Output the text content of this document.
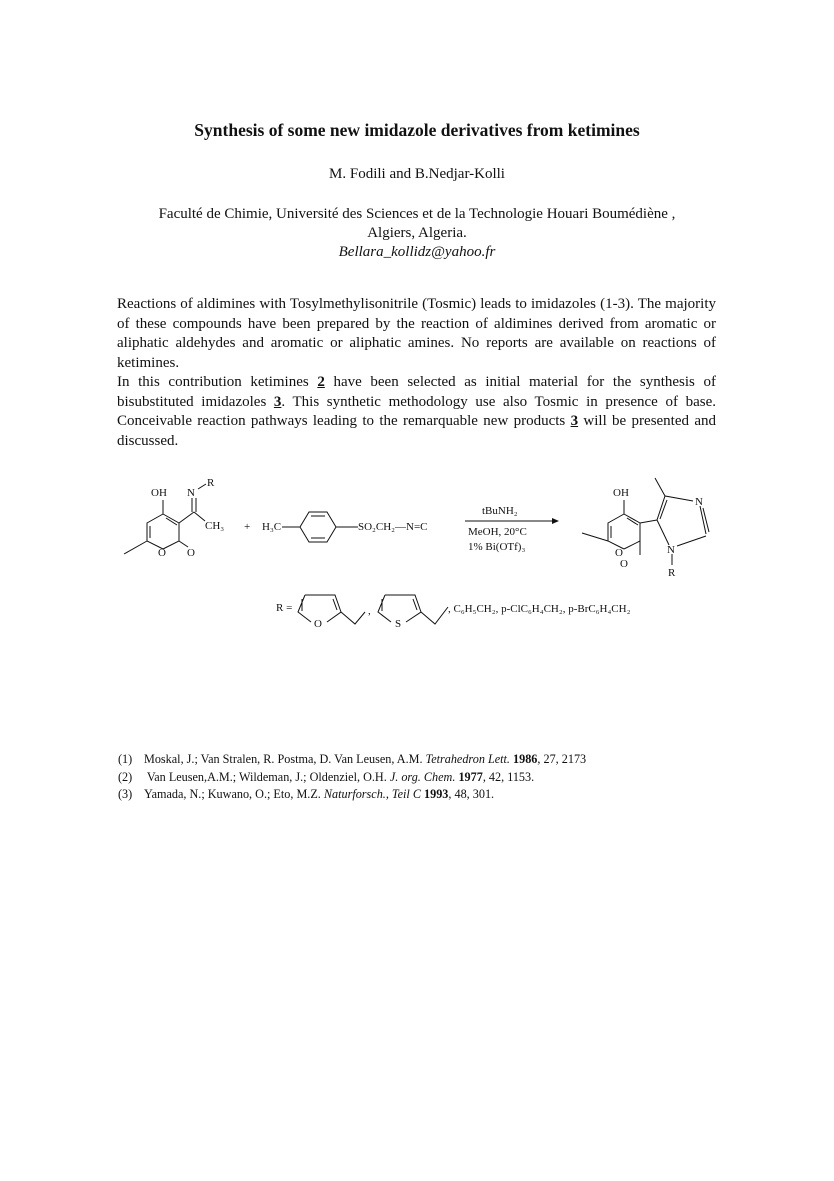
Synthesis of some new imidazole derivatives from ketimines
M. Fodili and B.Nedjar-Kolli
Faculté de Chimie, Université des Sciences et de la Technologie Houari Boumédiène ,
Algiers, Algeria.
Bellara_kollidz@yahoo.fr

Reactions of aldimines with Tosylmethylisonitrile (Tosmic) leads to imidazoles (1-3). The majority of these compounds have been prepared by the reaction of aldimines derived from aromatic or aliphatic aldehydes and aromatic or aliphatic amines. No reports are available on reactions of ketimines.

In this contribution ketimines 2 have been selected as initial material for the synthesis of bisubstituted imidazoles 3. This synthetic methodology use also Tosmic in presence of base. Conceivable reaction pathways leading to the remarquable new products 3 will be presented and discussed.

OH N
R
CH₃
O O
+ H₃C	SO₂CH₂—N=C
tBuNH₂
MeOH, 20°C
1% Bi(OTf)₃
OH
O
O
N
N
R
R =
O
,
S
, C₆H₅CH₂, p-ClC₆H₄CH₂, p-BrC₆H₄CH₂
(1) Moskal, J.; Van Stralen, R. Postma, D. Van Leusen, A.M. Tetrahedron Lett. 1986, 27, 2173
(2) Van Leusen,A.M.; Wildeman, J.; Oldenziel, O.H. J. org. Chem. 1977, 42, 1153.
(3) Yamada, N.; Kuwano, O.; Eto, M.Z. Naturforsch., Teil C 1993, 48, 301.
